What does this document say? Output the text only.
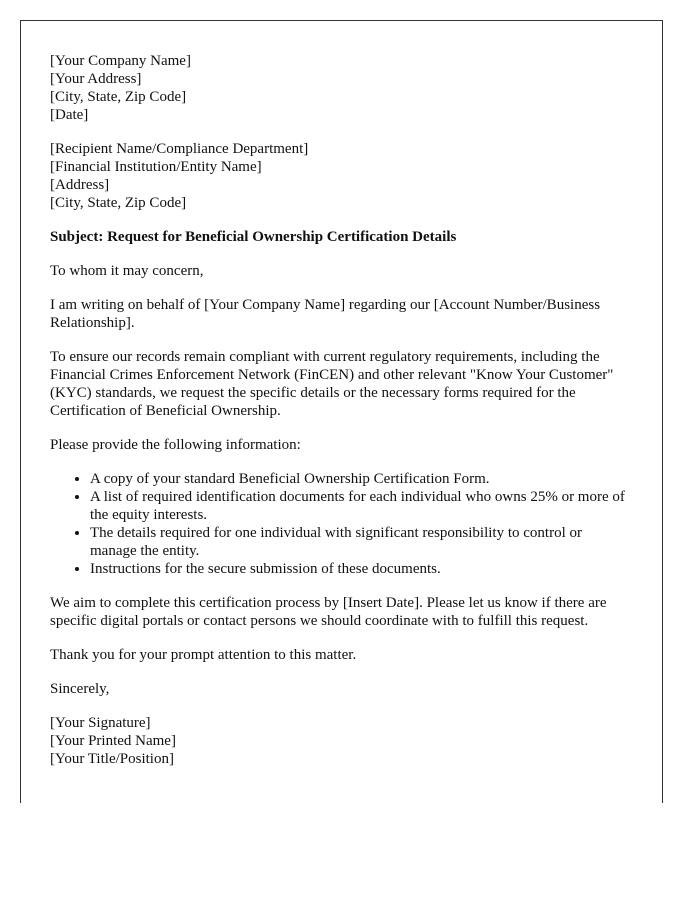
[Your Company Name]
[Your Address]
[City, State, Zip Code]
[Date]
[Recipient Name/Compliance Department]
[Financial Institution/Entity Name]
[Address]
[City, State, Zip Code]

Subject: Request for Beneficial Ownership Certification Details

To whom it may concern,

I am writing on behalf of [Your Company Name] regarding our [Account Number/Business Relationship].

To ensure our records remain compliant with current regulatory requirements, including the Financial Crimes Enforcement Network (FinCEN) and other relevant "Know Your Customer" (KYC) standards, we request the specific details or the necessary forms required for the Certification of Beneficial Ownership.

Please provide the following information:

• A copy of your standard Beneficial Ownership Certification Form.
• A list of required identification documents for each individual who owns 25% or more of the equity interests.
• The details required for one individual with significant responsibility to control or manage the entity.
• Instructions for the secure submission of these documents.

We aim to complete this certification process by [Insert Date]. Please let us know if there are specific digital portals or contact persons we should coordinate with to fulfill this request.

Thank you for your prompt attention to this matter.

Sincerely,

[Your Signature]
[Your Printed Name]
[Your Title/Position]
